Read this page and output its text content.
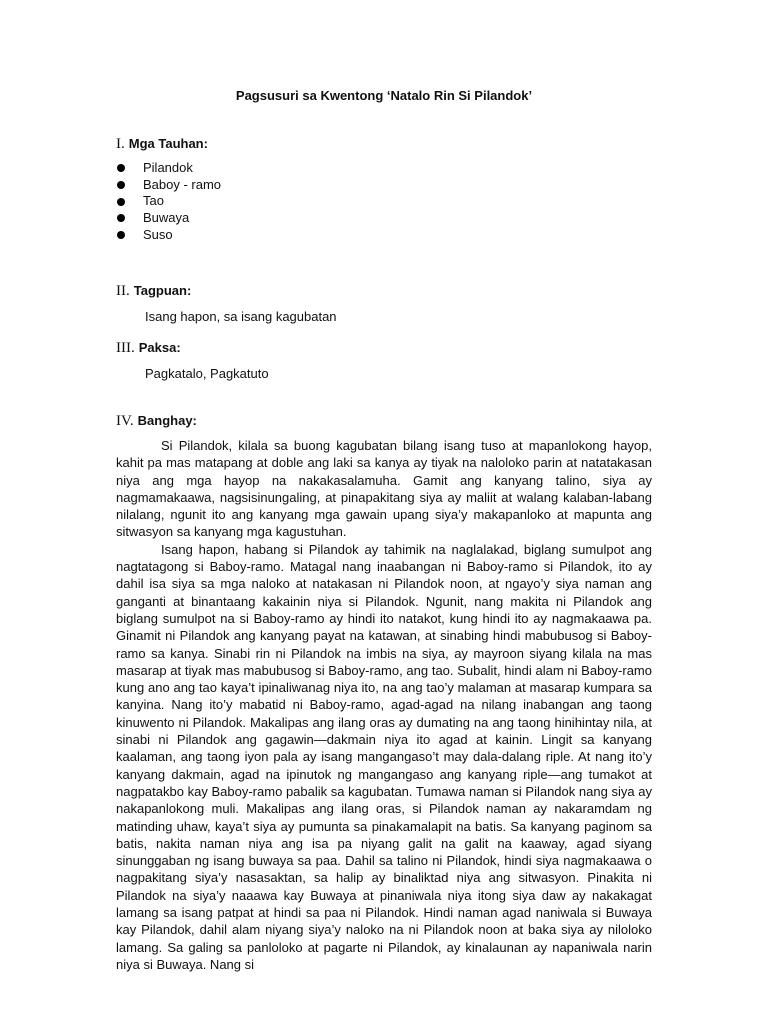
Pagsusuri sa Kwentong ‘Natalo Rin Si Pilandok’
I. Mga Tauhan:
Pilandok
Baboy - ramo
Tao
Buwaya
Suso
II. Tagpuan:
Isang hapon, sa isang kagubatan
III. Paksa:
Pagkatalo, Pagkatuto
IV. Banghay:

Si Pilandok, kilala sa buong kagubatan bilang isang tuso at mapanlokong hayop, kahit pa mas matapang at doble ang laki sa kanya ay tiyak na naloloko parin at natatakasan niya ang mga hayop na nakakasalamuha. Gamit ang kanyang talino, siya ay nagmamakaawa, nagsisinungaling, at pinapakitang siya ay maliit at walang kalaban-labang nilalang, ngunit ito ang kanyang mga gawain upang siya’y makapanloko at mapunta ang sitwasyon sa kanyang mga kagustuhan.

Isang hapon, habang si Pilandok ay tahimik na naglalakad, biglang sumulpot ang nagtatagong si Baboy-ramo. Matagal nang inaabangan ni Baboy-ramo si Pilandok, ito ay dahil isa siya sa mga naloko at natakasan ni Pilandok noon, at ngayo’y siya naman ang ganganti at binantaang kakainin niya si Pilandok. Ngunit, nang makita ni Pilandok ang biglang sumulpot na si Baboy-ramo ay hindi ito natakot, kung hindi ito ay nagmakaawa pa. Ginamit ni Pilandok ang kanyang payat na katawan, at sinabing hindi mabubusog si Baboy-ramo sa kanya. Sinabi rin ni Pilandok na imbis na siya, ay mayroon siyang kilala na mas masarap at tiyak mas mabubusog si Baboy-ramo, ang tao. Subalit, hindi alam ni Baboy-ramo kung ano ang tao kaya’t ipinaliwanag niya ito, na ang tao’y malaman at masarap kumpara sa kanyina. Nang ito’y mabatid ni Baboy-ramo, agad-agad na nilang inabangan ang taong kinuwento ni Pilandok. Makalipas ang ilang oras ay dumating na ang taong hinihintay nila, at sinabi ni Pilandok ang gagawin—dakmain niya ito agad at kainin. Lingit sa kanyang kaalaman, ang taong iyon pala ay isang mangangaso’t may dala-dalang riple. At nang ito’y kanyang dakmain, agad na ipinutok ng mangangaso ang kanyang riple—ang tumakot at nagpatakbo kay Baboy-ramo pabalik sa kagubatan. Tumawa naman si Pilandok nang siya ay nakapanlokong muli. Makalipas ang ilang oras, si Pilandok naman ay nakaramdam ng matinding uhaw, kaya’t siya ay pumunta sa pinakamalapit na batis. Sa kanyang paginom sa batis, nakita naman niya ang isa pa niyang galit na galit na kaaway, agad siyang sinunggaban ng isang buwaya sa paa. Dahil sa talino ni Pilandok, hindi siya nagmakaawa o nagpakitang siya’y nasasaktan, sa halip ay binaliktad niya ang sitwasyon. Pinakita ni Pilandok na siya’y naaawa kay Buwaya at pinaniwala niya itong siya daw ay nakakagat lamang sa isang patpat at hindi sa paa ni Pilandok. Hindi naman agad naniwala si Buwaya kay Pilandok, dahil alam niyang siya’y naloko na ni Pilandok noon at baka siya ay niloloko lamang. Sa galing sa panloloko at pagarte ni Pilandok, ay kinalaunan ay napaniwala narin niya si Buwaya. Nang si
